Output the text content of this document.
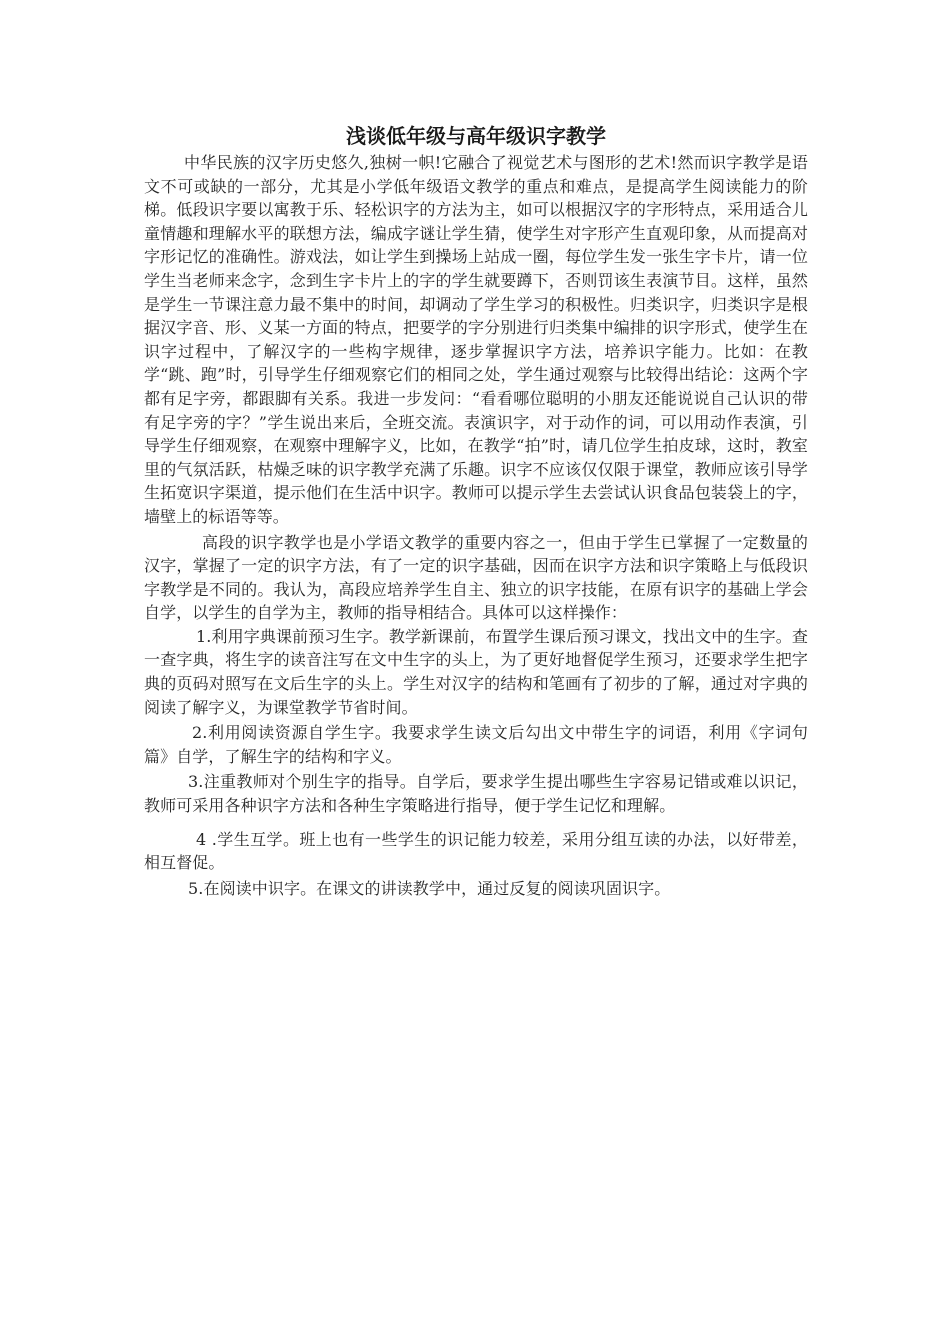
浅谈低年级与高年级识字教学

中华民族的汉字历史悠久,独树一帜!它融合了视觉艺术与图形的艺术!然而识字教学是语文不可或缺的一部分，尤其是小学低年级语文教学的重点和难点，是提高学生阅读能力的阶梯。低段识字要以寓教于乐、轻松识字的方法为主，如可以根据汉字的字形特点，采用适合儿童情趣和理解水平的联想方法，编成字谜让学生猜，使学生对字形产生直观印象，从而提高对字形记忆的准确性。游戏法，如让学生到操场上站成一圈，每位学生发一张生字卡片，请一位学生当老师来念字，念到生字卡片上的字的学生就要蹲下，否则罚该生表演节目。这样，虽然是学生一节课注意力最不集中的时间，却调动了学生学习的积极性。归类识字，归类识字是根据汉字音、形、义某一方面的特点，把要学的字分别进行归类集中编排的识字形式，使学生在识字过程中，了解汉字的一些构字规律，逐步掌握识字方法，培养识字能力。比如：在教学“跳、跑”时，引导学生仔细观察它们的相同之处，学生通过观察与比较得出结论：这两个字都有足字旁，都跟脚有关系。我进一步发问：“看看哪位聪明的小朋友还能说说自己认识的带有足字旁的字？”学生说出来后，全班交流。表演识字，对于动作的词，可以用动作表演，引导学生仔细观察，在观察中理解字义，比如，在教学“拍”时，请几位学生拍皮球，这时，教室里的气氛活跃，枯燥乏味的识字教学充满了乐趣。识字不应该仅仅限于课堂，教师应该引导学生拓宽识字渠道，提示他们在生活中识字。教师可以提示学生去尝试认识食品包装袋上的字，墙壁上的标语等等。

高段的识字教学也是小学语文教学的重要内容之一，但由于学生已掌握了一定数量的汉字，掌握了一定的识字方法，有了一定的识字基础，因而在识字方法和识字策略上与低段识字教学是不同的。我认为，高段应培养学生自主、独立的识字技能，在原有识字的基础上学会自学，以学生的自学为主，教师的指导相结合。具体可以这样操作：

1.利用字典课前预习生字。教学新课前，布置学生课后预习课文，找出文中的生字。查一查字典，将生字的读音注写在文中生字的头上，为了更好地督促学生预习，还要求学生把字典的页码对照写在文后生字的头上。学生对汉字的结构和笔画有了初步的了解，通过对字典的阅读了解字义，为课堂教学节省时间。

2.利用阅读资源自学生字。我要求学生读文后勾出文中带生字的词语，利用《字词句篇》自学，了解生字的结构和字义。

3.注重教师对个别生字的指导。自学后，要求学生提出哪些生字容易记错或难以识记，教师可采用各种识字方法和各种生字策略进行指导，便于学生记忆和理解。

4 .学生互学。班上也有一些学生的识记能力较差，采用分组互读的办法，以好带差，相互督促。

5.在阅读中识字。在课文的讲读教学中，通过反复的阅读巩固识字。
